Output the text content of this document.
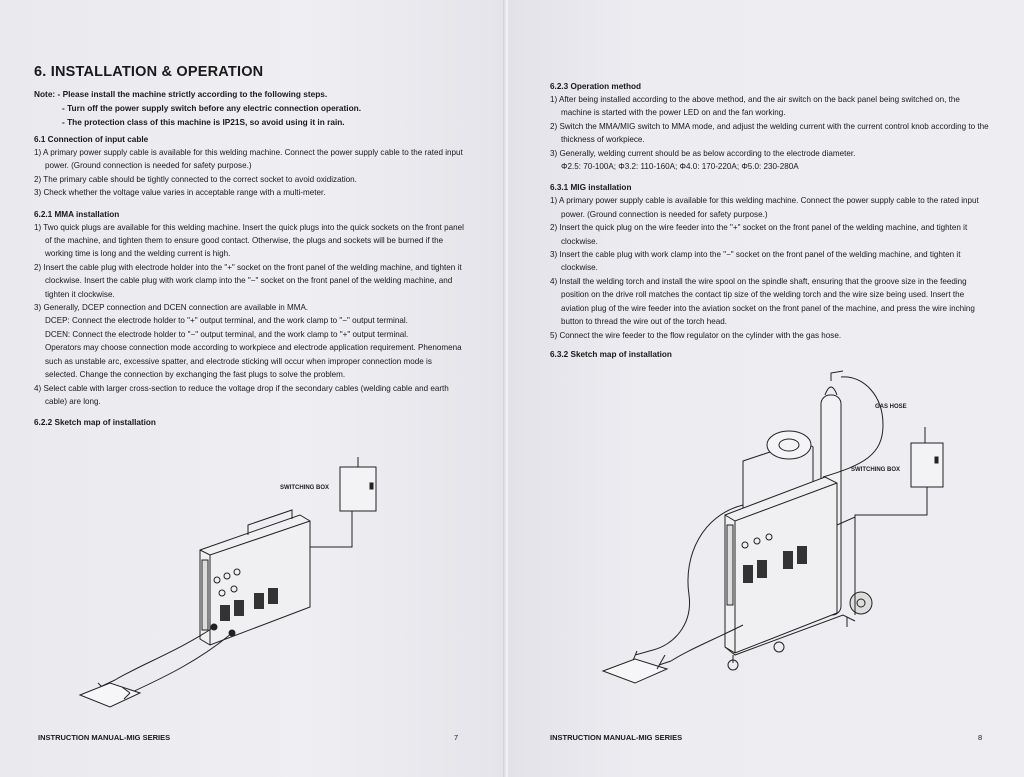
6. INSTALLATION & OPERATION
Note: - Please install the machine strictly according to the following steps.
- Turn off the power supply switch before any electric connection operation.
- The protection class of this machine is IP21S, so avoid using it in rain.
6.1 Connection of input cable
1) A primary power supply cable is available for this welding machine. Connect the power supply cable to the rated input power. (Ground connection is needed for safety purpose.)
2) The primary cable should be tightly connected to the correct socket to avoid oxidization.
3) Check whether the voltage value varies in acceptable range with a multi-meter.
6.2.1 MMA installation
1) Two quick plugs are available for this welding machine. Insert the quick plugs into the quick sockets on the front panel of the machine, and tighten them to ensure good contact. Otherwise, the plugs and sockets will be burned if the working time is long and the welding current is high.
2) Insert the cable plug with electrode holder into the "+" socket on the front panel of the welding machine, and tighten it clockwise. Insert the cable plug with work clamp into the "−" socket on the front panel of the welding machine, and tighten it clockwise.
3) Generally, DCEP connection and DCEN connection are available in MMA.
DCEP: Connect the electrode holder to "+" output terminal, and the work clamp to "−" output terminal.
DCEN: Connect the electrode holder to "−" output terminal, and the work clamp to "+" output terminal.
Operators may choose connection mode according to workpiece and electrode application requirement. Phenomena such as unstable arc, excessive spatter, and electrode sticking will occur when improper connection mode is selected. Change the connection by exchanging the fast plugs to solve the problem.
4) Select cable with larger cross-section to reduce the voltage drop if the secondary cables (welding cable and earth cable) are long.
6.2.2 Sketch map of installation
SWITCHING BOX
INSTRUCTION MANUAL-MIG SERIES	7
6.2.3 Operation method
1) After being installed according to the above method, and the air switch on the back panel being switched on, the machine is started with the power LED on and the fan working.
2) Switch the MMA/MIG switch to MMA mode, and adjust the welding current with the current control knob according to the thickness of workpiece.
3) Generally, welding current should be as below according to the electrode diameter.
Φ2.5: 70-100A; Φ3.2: 110-160A; Φ4.0: 170-220A; Φ5.0: 230-280A
6.3.1 MIG installation
1) A primary power supply cable is available for this welding machine. Connect the power supply cable to the rated input power. (Ground connection is needed for safety purpose.)
2) Insert the quick plug on the wire feeder into the "+" socket on the front panel of the welding machine, and tighten it clockwise.
3) Insert the cable plug with work clamp into the "−" socket on the front panel of the welding machine, and tighten it clockwise.
4) Install the welding torch and install the wire spool on the spindle shaft, ensuring that the groove size in the feeding position on the drive roll matches the contact tip size of the welding torch and the wire size being used. Insert the aviation plug of the wire feeder into the aviation socket on the front panel of the machine, and press the wire inching button to thread the wire out of the torch head.
5) Connect the wire feeder to the flow regulator on the cylinder with the gas hose.
6.3.2 Sketch map of installation
GAS HOSE
SWITCHING BOX
INSTRUCTION MANUAL-MIG SERIES	8
